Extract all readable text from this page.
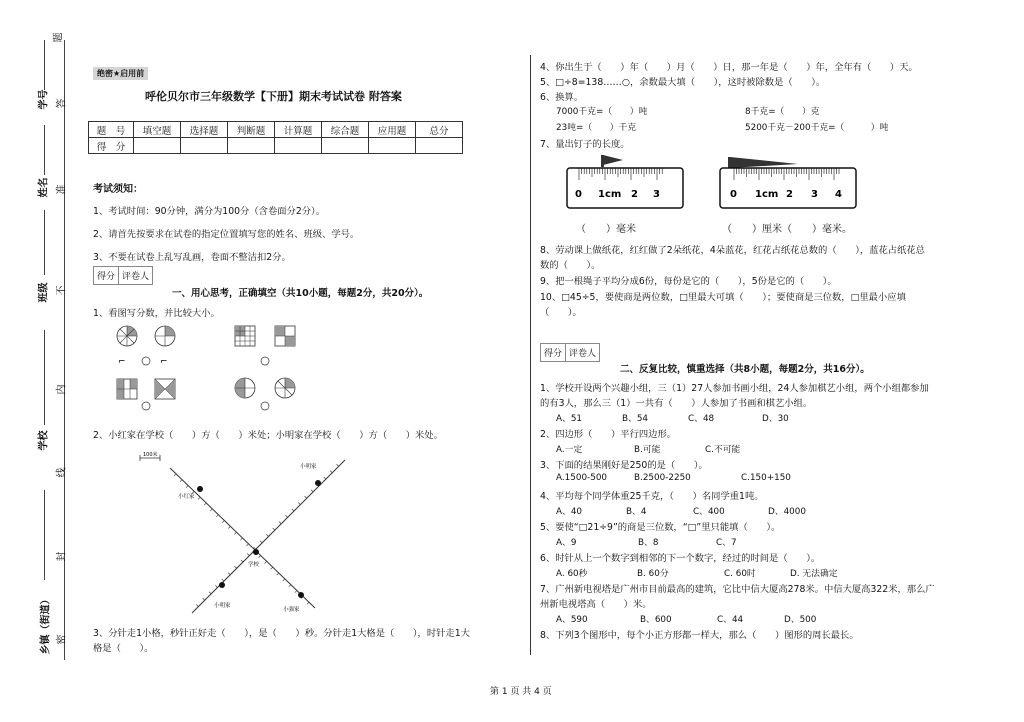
题
学号 答
姓名 准
班级 不
内
学校
线
封
乡镇（街道） 密
绝密★启用前
呼伦贝尔市三年级数学【下册】期末考试试卷 附答案
题　号	填空题	选择题	判断题	计算题	综合题	应用题	总分
得　分							
考试须知：
1、考试时间：90分钟，满分为100分（含卷面分2分）。
2、请首先按要求在试卷的指定位置填写您的姓名、班级、学号。
3、不要在试卷上乱写乱画，卷面不整洁扣2分。
得分 评卷人
一、用心思考，正确填空（共10小题，每题2分，共20分）。
1、看图写分数，并比较大小。
⌐	⌐
2、小红家在学校（　　）方（　　）米处；小明家在学校（　　）方（　　）米处。
100米
小明家
小红家
学校
小明家
小强家
3、分针走1小格，秒针正好走（　　），是（　　）秒。分针走1大格是（　　），时针走1大
格是（　　）。
4、你出生于（　　）年（　　）月（　　）日，那一年是（　　）年，全年有（　　）天。
5、□÷8=138……○，余数最大填（　　），这时被除数是（　　）。
6、换算。
7000千克=（　　）吨	8千克=（　　）克
23吨=（　　）千克	5200千克－200千克=（　　　）吨
7、量出钉子的长度。
0 1cm 2 3	0 1cm 2 3 4
（　　）毫米	（　　）厘米（　　）毫米。
8、劳动课上做纸花，红红做了2朵纸花，4朵蓝花，红花占纸花总数的（　　），蓝花占纸花总
数的（　　）。
9、把一根绳子平均分成6份，每份是它的（　　），5份是它的（　　）。
10、□45÷5，要使商是两位数，□里最大可填（　　）；要使商是三位数，□里最小应填
（　　）。
得分 评卷人
二、反复比较，慎重选择（共8小题，每题2分，共16分）。
1、学校开设两个兴趣小组，三（1）27人参加书画小组，24人参加棋艺小组，两个小组都参加
的有3人，那么三（1）一共有（　　）人参加了书画和棋艺小组。
A、51	B、54	C、48	D、30
2、四边形（　　）平行四边形。
A.一定	B.可能	C.不可能
3、下面的结果刚好是250的是（　　）。
A.1500-500	B.2500-2250	C.150+150
4、平均每个同学体重25千克，（　　）名同学重1吨。
A、40	B、4	C、400	D、4000
5、要使“□21÷9”的商是三位数，“□”里只能填（　　）。
A、9	B、8	C、7
6、时针从上一个数字到相邻的下一个数字，经过的时间是（　　）。
A. 60秒	B. 60分	C. 60时	D. 无法确定
7、广州新电视塔是广州市目前最高的建筑，它比中信大厦高278米。中信大厦高322米，那么广
州新电视塔高（　　）米。
A、590	B、600	C、44	D、500
8、下列3个图形中，每个小正方形都一样大，那么（　　）图形的周长最长。
第 1 页 共 4 页
